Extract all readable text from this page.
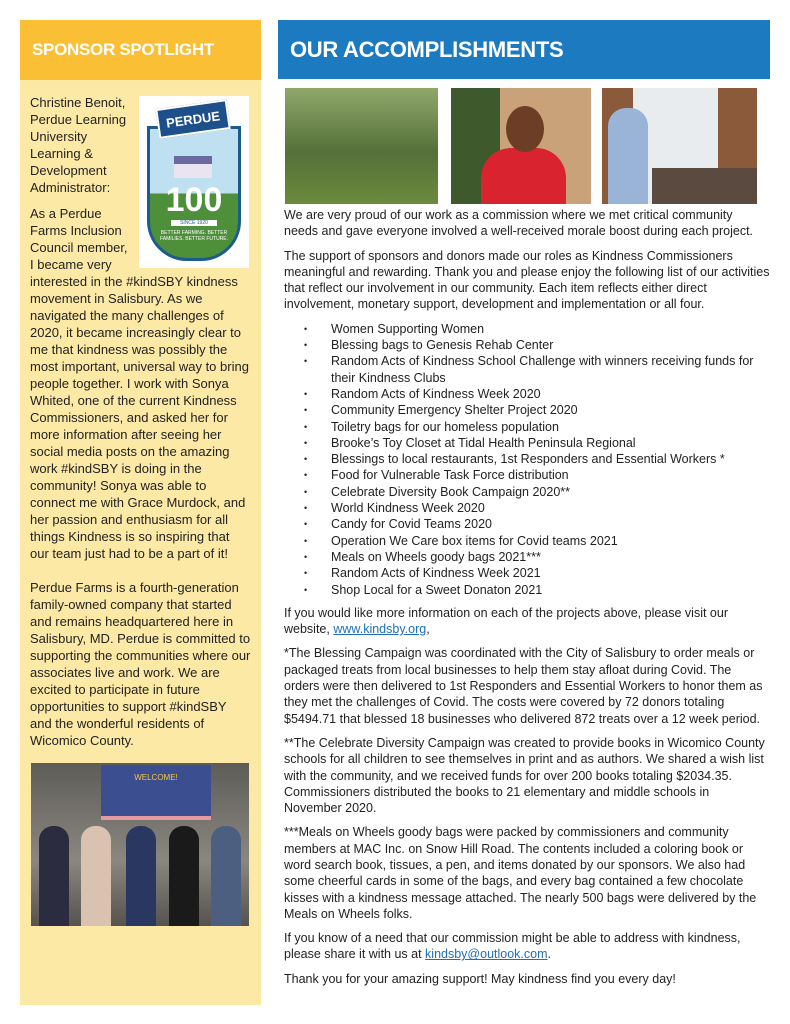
SPONSOR SPOTLIGHT
PERDUE
100
SINCE 1920
BETTER FARMING. BETTER FAMILIES. BETTER FUTURE.

Christine Benoit, Perdue Learning University Learning & Development Administrator:

As a Perdue Farms Inclusion Council member, I became very interested in the #kindSBY kindness movement in Salisbury. As we navigated the many challenges of 2020, it became increasingly clear to me that kindness was possibly the most important, universal way to bring people together. I work with Sonya Whited, one of the current Kindness Commissioners, and asked her for more information after seeing her social media posts on the amazing work #kindSBY is doing in the community! Sonya was able to connect me with Grace Murdock, and her passion and enthusiasm for all things Kindness is so inspiring that our team just had to be a part of it!

Perdue Farms is a fourth-generation family-owned company that started and remains headquartered here in Salisbury, MD. Perdue is committed to supporting the communities where our associates live and work. We are excited to participate in future opportunities to support #kindSBY and the wonderful residents of Wicomico County.

WELCOME!
OUR ACCOMPLISHMENTS

We are very proud of our work as a commission where we met critical community needs and gave everyone involved a well-received morale boost during each project.

The support of sponsors and donors made our roles as Kindness Commissioners meaningful and rewarding. Thank you and please enjoy the following list of our activities that reflect our involvement in our community. Each item reflects either direct involvement, monetary support, development and implementation or all four.

• Women Supporting Women
• Blessing bags to Genesis Rehab Center
• Random Acts of Kindness School Challenge with winners receiving funds for their Kindness Clubs
• Random Acts of Kindness Week 2020
• Community Emergency Shelter Project 2020
• Toiletry bags for our homeless population
• Brooke’s Toy Closet at Tidal Health Peninsula Regional
• Blessings to local restaurants, 1st Responders and Essential Workers *
• Food for Vulnerable Task Force distribution
• Celebrate Diversity Book Campaign 2020**
• World Kindness Week 2020
• Candy for Covid Teams 2020
• Operation We Care box items for Covid teams 2021
• Meals on Wheels goody bags 2021***
• Random Acts of Kindness Week 2021
• Shop Local for a Sweet Donaton 2021

If you would like more information on each of the projects above, please visit our website, www.kindsby.org,

*The Blessing Campaign was coordinated with the City of Salisbury to order meals or packaged treats from local businesses to help them stay afloat during Covid. The orders were then delivered to 1st Responders and Essential Workers to honor them as they met the challenges of Covid. The costs were covered by 72 donors totaling $5494.71 that blessed 18 businesses who delivered 872 treats over a 12 week period.

**The Celebrate Diversity Campaign was created to provide books in Wicomico County schools for all children to see themselves in print and as authors. We shared a wish list with the community, and we received funds for over 200 books totaling $2034.35. Commissioners distributed the books to 21 elementary and middle schools in November 2020.

***Meals on Wheels goody bags were packed by commissioners and community members at MAC Inc. on Snow Hill Road. The contents included a coloring book or word search book, tissues, a pen, and items donated by our sponsors. We also had some cheerful cards in some of the bags, and every bag contained a few chocolate kisses with a kindness message attached. The nearly 500 bags were delivered by the Meals on Wheels folks.

If you know of a need that our commission might be able to address with kindness, please share it with us at kindsby@outlook.com.

Thank you for your amazing support! May kindness find you every day!
